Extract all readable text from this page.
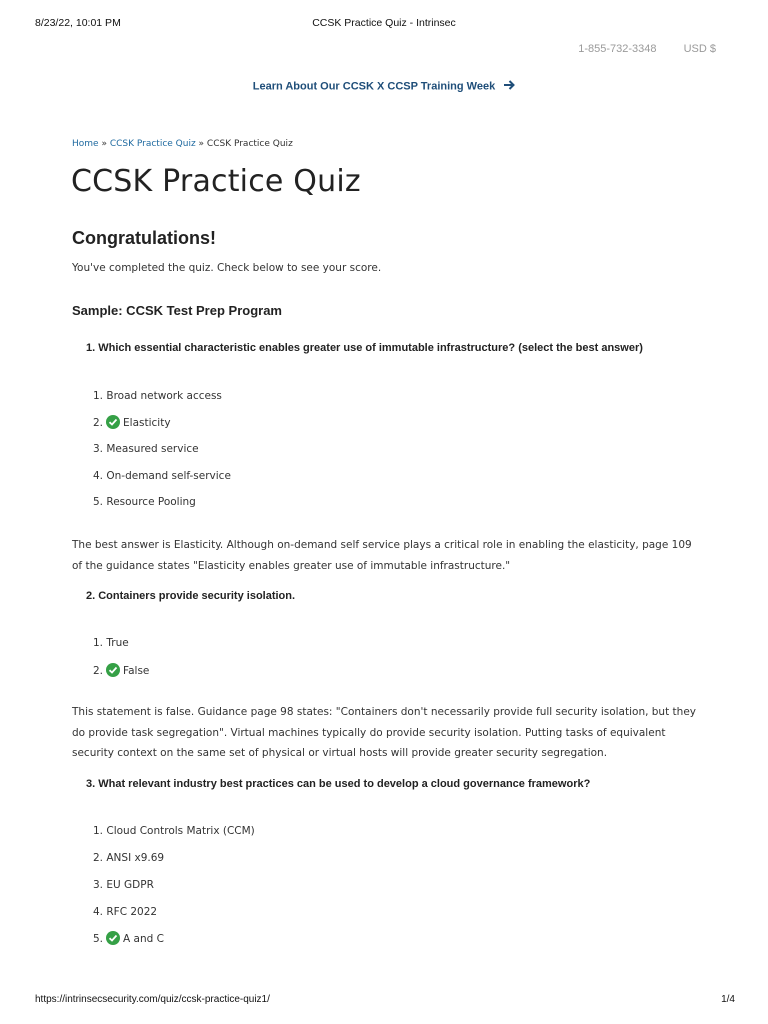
8/23/22, 10:01 PM	CCSK Practice Quiz - Intrinsec
1-855-732-3348 USD $
Learn About Our CCSK X CCSP Training Week
Home » CCSK Practice Quiz » CCSK Practice Quiz
CCSK Practice Quiz
Congratulations!
You've completed the quiz. Check below to see your score.
Sample: CCSK Test Prep Program
1. Which essential characteristic enables greater use of immutable infrastructure? (select the best answer)
1. Broad network access
2. Elasticity
3. Measured service
4. On-demand self-service
5. Resource Pooling
The best answer is Elasticity. Although on-demand self service plays a critical role in enabling the elasticity, page 109
of the guidance states "Elasticity enables greater use of immutable infrastructure."
2. Containers provide security isolation.
1. True
2. False
This statement is false. Guidance page 98 states: "Containers don't necessarily provide full security isolation, but they
do provide task segregation". Virtual machines typically do provide security isolation. Putting tasks of equivalent
security context on the same set of physical or virtual hosts will provide greater security segregation.
3. What relevant industry best practices can be used to develop a cloud governance framework?
1. Cloud Controls Matrix (CCM)
2. ANSI x9.69
3. EU GDPR
4. RFC 2022
5. A and C
https://intrinsecsecurity.com/quiz/ccsk-practice-quiz1/	1/4
